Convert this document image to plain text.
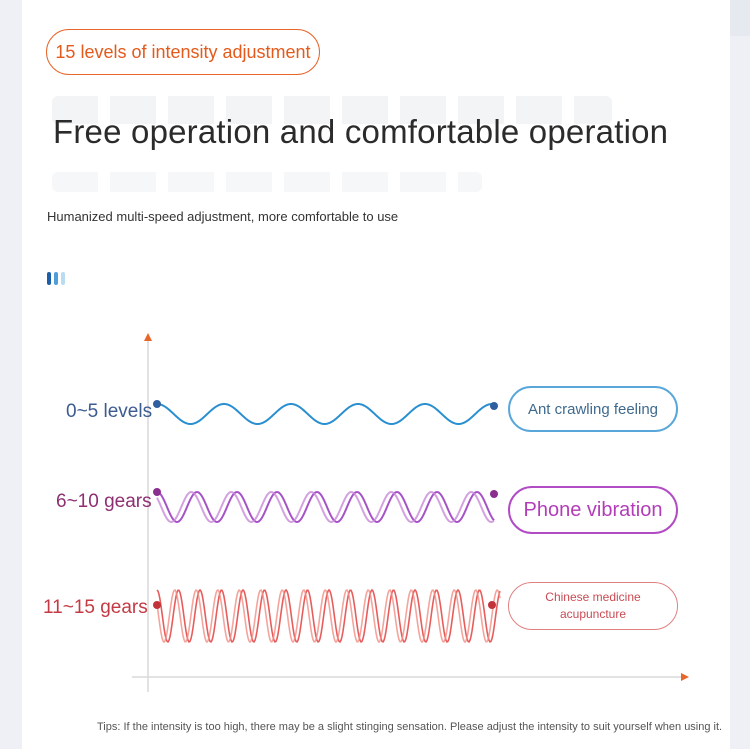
15 levels of intensity adjustment
Free operation and comfortable operation
Humanized multi-speed adjustment, more comfortable to use
0~5 levels
6~10 gears
11~15 gears
Ant crawling feeling
Phone vibration
Chinese medicine
acupuncture
Tips: If the intensity is too high, there may be a slight stinging sensation. Please adjust the intensity to suit yourself when using it.
